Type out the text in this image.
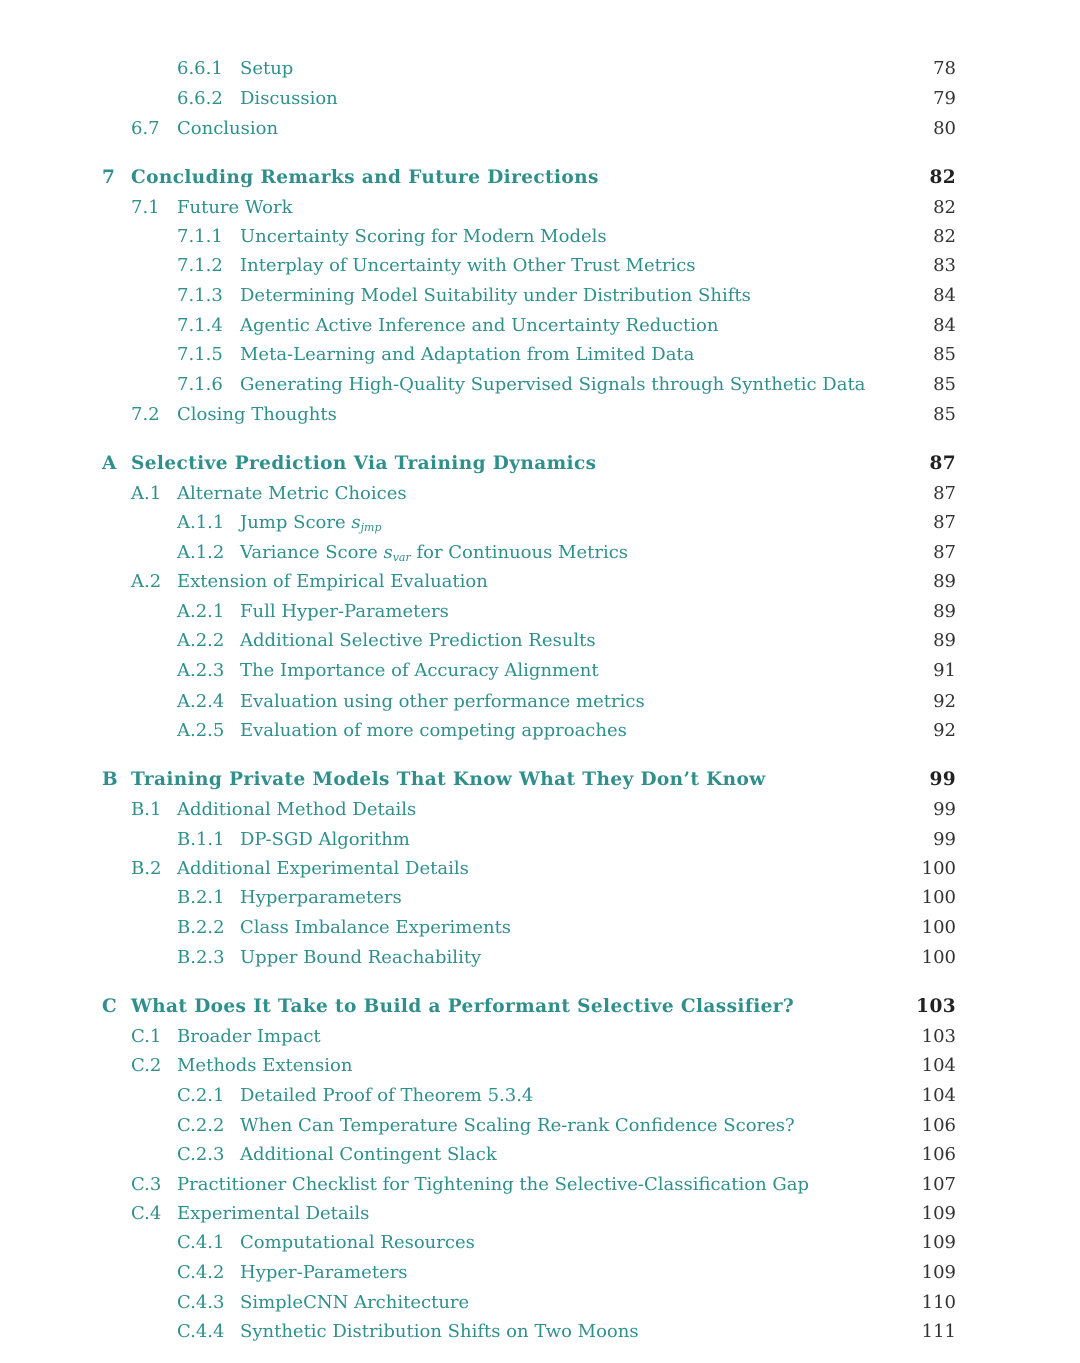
6.6.1 Setup	78
6.6.2 Discussion	79
6.7 Conclusion	80
7 Concluding Remarks and Future Directions	82
7.1 Future Work	82
7.1.1 Uncertainty Scoring for Modern Models	82
7.1.2 Interplay of Uncertainty with Other Trust Metrics	83
7.1.3 Determining Model Suitability under Distribution Shifts	84
7.1.4 Agentic Active Inference and Uncertainty Reduction	84
7.1.5 Meta-Learning and Adaptation from Limited Data	85
7.1.6 Generating High-Quality Supervised Signals through Synthetic Data	85
7.2 Closing Thoughts	85
A Selective Prediction Via Training Dynamics	87
A.1 Alternate Metric Choices	87
A.1.1 Jump Score $s_{jmp}$	87
A.1.2 Variance Score $s_{var}$ for Continuous Metrics	87
A.2 Extension of Empirical Evaluation	89
A.2.1 Full Hyper-Parameters	89
A.2.2 Additional Selective Prediction Results	89
A.2.3 The Importance of Accuracy Alignment	91
A.2.4 Evaluation using other performance metrics	92
A.2.5 Evaluation of more competing approaches	92
B Training Private Models That Know What They Don’t Know	99
B.1 Additional Method Details	99
B.1.1 DP-SGD Algorithm	99
B.2 Additional Experimental Details	100
B.2.1 Hyperparameters	100
B.2.2 Class Imbalance Experiments	100
B.2.3 Upper Bound Reachability	100
C What Does It Take to Build a Performant Selective Classifier?	103
C.1 Broader Impact	103
C.2 Methods Extension	104
C.2.1 Detailed Proof of Theorem 5.3.4	104
C.2.2 When Can Temperature Scaling Re-rank Confidence Scores?	106
C.2.3 Additional Contingent Slack	106
C.3 Practitioner Checklist for Tightening the Selective-Classification Gap	107
C.4 Experimental Details	109
C.4.1 Computational Resources	109
C.4.2 Hyper-Parameters	109
C.4.3 SimpleCNN Architecture	110
C.4.4 Synthetic Distribution Shifts on Two Moons	111
